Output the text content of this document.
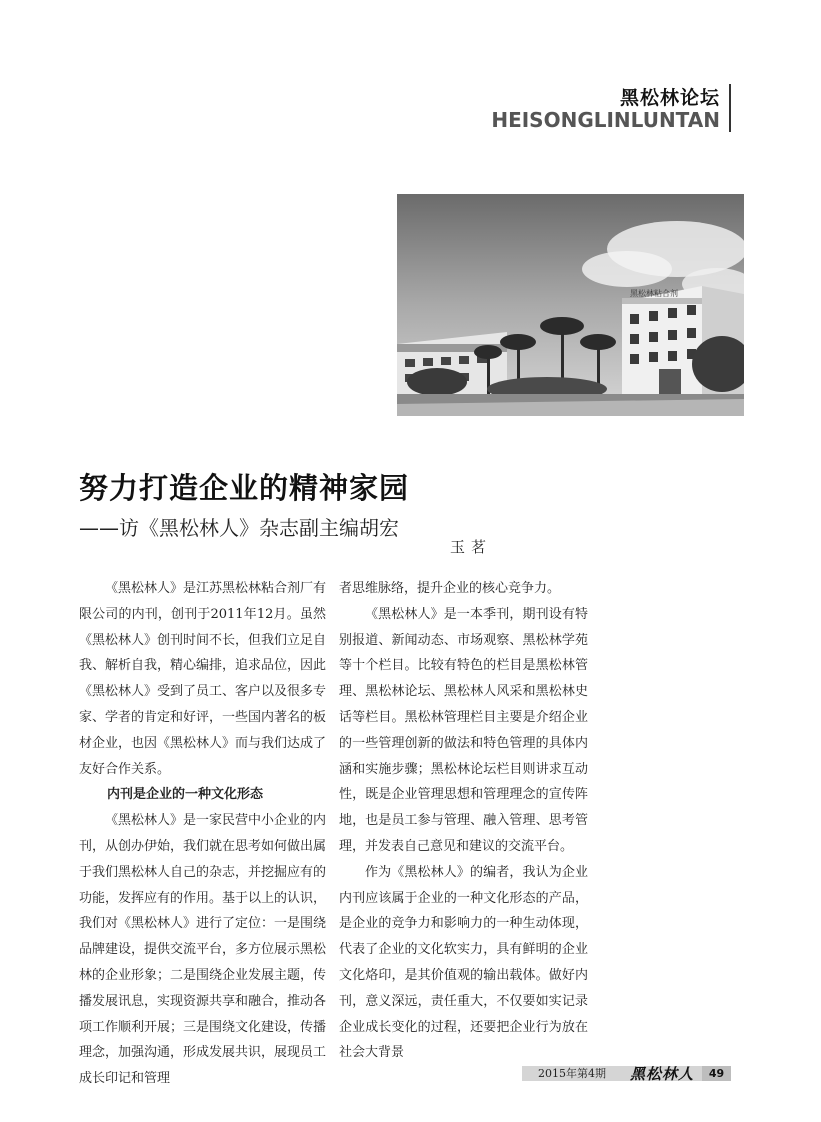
黑松林论坛
HEISONGLINLUNTAN
黑松林粘合剂
努力打造企业的精神家园
——访《黑松林人》杂志副主编胡宏
玉茗

《黑松林人》是江苏黑松林粘合剂厂有限公司的内刊，创刊于2011年12月。虽然《黑松林人》创刊时间不长，但我们立足自我、解析自我，精心编排，追求品位，因此《黑松林人》受到了员工、客户以及很多专家、学者的肯定和好评，一些国内著名的板材企业，也因《黑松林人》而与我们达成了友好合作关系。

内刊是企业的一种文化形态

《黑松林人》是一家民营中小企业的内刊，从创办伊始，我们就在思考如何做出属于我们黑松林人自己的杂志，并挖掘应有的功能，发挥应有的作用。基于以上的认识，我们对《黑松林人》进行了定位：一是围绕品牌建设，提供交流平台，多方位展示黑松林的企业形象；二是围绕企业发展主题，传播发展讯息，实现资源共享和融合，推动各项工作顺利开展；三是围绕文化建设，传播理念，加强沟通，形成发展共识，展现员工成长印记和管理

者思维脉络，提升企业的核心竞争力。

《黑松林人》是一本季刊，期刊设有特别报道、新闻动态、市场观察、黑松林学苑等十个栏目。比较有特色的栏目是黑松林管理、黑松林论坛、黑松林人风采和黑松林史话等栏目。黑松林管理栏目主要是介绍企业的一些管理创新的做法和特色管理的具体内涵和实施步骤；黑松林论坛栏目则讲求互动性，既是企业管理思想和管理理念的宣传阵地，也是员工参与管理、融入管理、思考管理，并发表自己意见和建议的交流平台。

作为《黑松林人》的编者，我认为企业内刊应该属于企业的一种文化形态的产品，是企业的竞争力和影响力的一种生动体现，代表了企业的文化软实力，具有鲜明的企业文化烙印，是其价值观的输出载体。做好内刊，意义深远，责任重大，不仅要如实记录企业成长变化的过程，还要把企业行为放在社会大背景

2015年第4期 黑松林人	49
